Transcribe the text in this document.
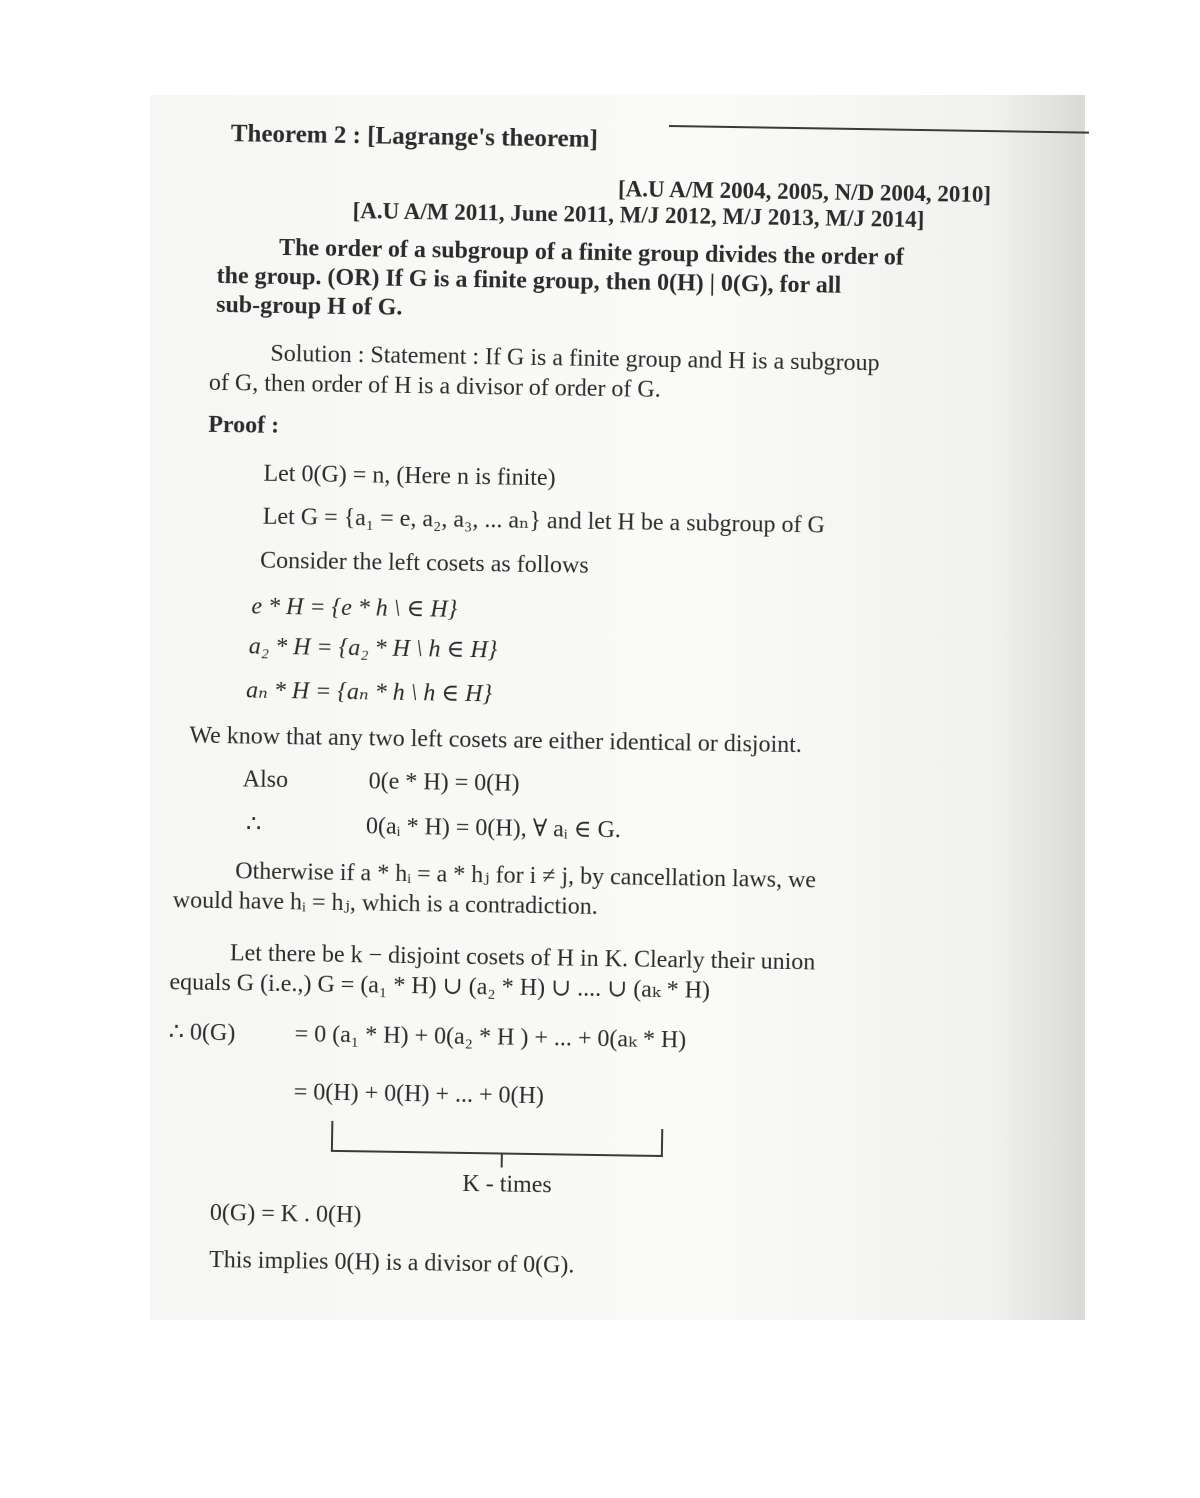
Theorem 2 : [Lagrange's theorem]
[A.U A/M 2004, 2005, N/D 2004, 2010]
[A.U A/M 2011, June 2011, M/J 2012, M/J 2013, M/J 2014]
The order of a subgroup of a finite group divides the order of
the group. (OR) If G is a finite group, then 0(H) | 0(G), for all
sub-group H of G.
Solution : Statement : If G is a finite group and H is a subgroup
of G, then order of H is a divisor of order of G.
Proof :
Let 0(G) = n, (Here n is finite)
Let G = {a₁ = e, a₂, a₃, ... aₙ} and let H be a subgroup of G
Consider the left cosets as follows
e * H = {e * h \ ∈ H}
a₂ * H = {a₂ * H \ h ∈ H}
aₙ * H = {aₙ * h \ h ∈ H}
We know that any two left cosets are either identical or disjoint.
Also	0(e * H) = 0(H)
∴	0(aᵢ * H) = 0(H), ∀ aᵢ ∈ G.
Otherwise if a * hᵢ = a * hⱼ for i ≠ j, by cancellation laws, we
would have hᵢ = hⱼ, which is a contradiction.
Let there be k − disjoint cosets of H in K. Clearly their union
equals G (i.e.,) G = (a₁ * H) ∪ (a₂ * H) ∪ .... ∪ (aₖ * H)
∴ 0(G) = 0 (a₁ * H) + 0(a₂ * H ) + ... + 0(aₖ * H)
= 0(H) + 0(H) + ... + 0(H)
K - times
0(G) = K . 0(H)
This implies 0(H) is a divisor of 0(G).
